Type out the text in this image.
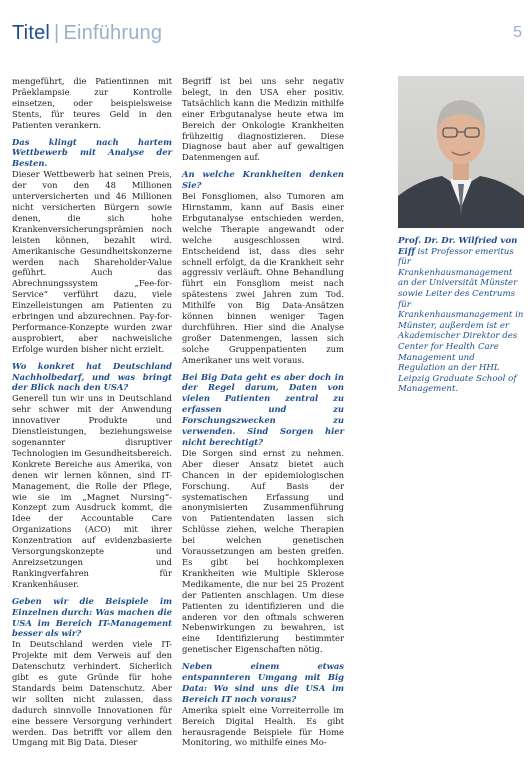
Titel | Einführung	5

mengeführt, die Patientinnen mit Präeklampsie zur Kontrolle einsetzen, oder beispielsweise Stents, für teures Geld in den Patienten verankern.

Das klingt nach hartem Wettbewerb mit Analyse der Besten.

Dieser Wettbewerb hat seinen Preis, der von den 48 Millionen unterversicherten und 46 Millionen nicht versicherten Bürgern sowie denen, die sich hohe Krankenversicherungsprämien noch leisten können, bezahlt wird. Amerikanische Gesundheitskonzerne werden nach Shareholder-Value geführt. Auch das Abrechnungssystem „Fee-for-Service“ verführt dazu, viele Einzelleistungen am Patienten zu erbringen und abzurechnen. Pay-for-Performance-Konzepte wurden zwar ausprobiert, aber nachweisliche Erfolge wurden bisher nicht erzielt.

Wo konkret hat Deutschland Nachholbedarf, und was bringt der Blick nach den USA?

Generell tun wir uns in Deutschland sehr schwer mit der Anwendung innovativer Produkte und Dienstleistungen, beziehungsweise sogenannter disruptiver Technologien im Gesundheitsbereich. Konkrete Bereiche aus Amerika, von denen wir lernen können, sind IT-Management, die Rolle der Pflege, wie sie im „Magnet Nursing“-Konzept zum Ausdruck kommt, die Idee der Accountable Care Organizations (ACO) mit ihrer Konzentration auf evidenzbasierte Versorgungskonzepte und Anreizsetzungen und Rankingverfahren für Krankenhäuser.

Geben wir die Beispiele im Einzelnen durch: Was machen die USA im Bereich IT-Management besser als wir?

In Deutschland werden viele IT-Projekte mit dem Verweis auf den Datenschutz verhindert. Sicherlich gibt es gute Gründe für hohe Standards beim Datenschutz. Aber wir sollten nicht zulassen, dass dadurch sinnvolle Innovationen für eine bessere Versorgung verhindert werden. Das betrifft vor allem den Umgang mit Big Data. Dieser

Begriff ist bei uns sehr negativ belegt, in den USA eher positiv. Tatsächlich kann die Medizin mithilfe einer Erbgutanalyse heute etwa im Bereich der Onkologie Krankheiten frühzeitig diagnostizieren. Diese Diagnose baut aber auf gewaltigen Datenmengen auf.

An welche Krankheiten denken Sie?

Bei Fonsgliomen, also Tumoren am Hirnstamm, kann auf Basis einer Erbgutanalyse entschieden werden, welche Therapie angewandt oder welche ausgeschlossen wird. Entscheidend ist, dass dies sehr schnell erfolgt, da die Krankheit sehr aggressiv verläuft. Ohne Behandlung führt ein Fonsgliom meist nach spätestens zwei Jahren zum Tod. Mithilfe von Big Data-Ansätzen können binnen weniger Tagen durchführen. Hier sind die Analyse großer Datenmengen, lassen sich solche Gruppenpatienten zum Amerikaner uns weit voraus.

Bei Big Data geht es aber doch in der Regel darum, Daten von vielen Patienten zentral zu erfassen und zu Forschungszwecken zu verwenden. Sind Sorgen hier nicht berechtigt?

Die Sorgen sind ernst zu nehmen. Aber dieser Ansatz bietet auch Chancen in der epidemiologischen Forschung. Auf Basis der systematischen Erfassung und anonymisierten Zusammenführung von Patientendaten lassen sich Schlüsse ziehen, welche Therapien bei welchen genetischen Voraussetzungen am besten greifen. Es gibt bei hochkomplexen Krankheiten wie Multiple Sklerose Medikamente, die nur bei 25 Prozent der Patienten anschlagen. Um diese Patienten zu identifizieren und die anderen vor den oftmals schweren Nebenwirkungen zu bewahren, ist eine Identifizierung bestimmter genetischer Eigenschaften nötig.

Neben einem etwas entspannteren Umgang mit Big Data: Wo sind uns die USA im Bereich IT noch voraus?

Amerika spielt eine Vorreiterrolle im Bereich Digital Health. Es gibt herausragende Beispiele für Home Monitoring, wo mithilfe eines Mo-

Prof. Dr. Dr. Wilfried von Eiff ist Professor emeritus für Krankenhausmanagement an der Universität Münster sowie Leiter des Centrums für Krankenhausmanagement in Münster, außerdem ist er Akademischer Direktor des Center for Health Care Management und Regulation an der HHL Leipzig Graduate School of Management.
